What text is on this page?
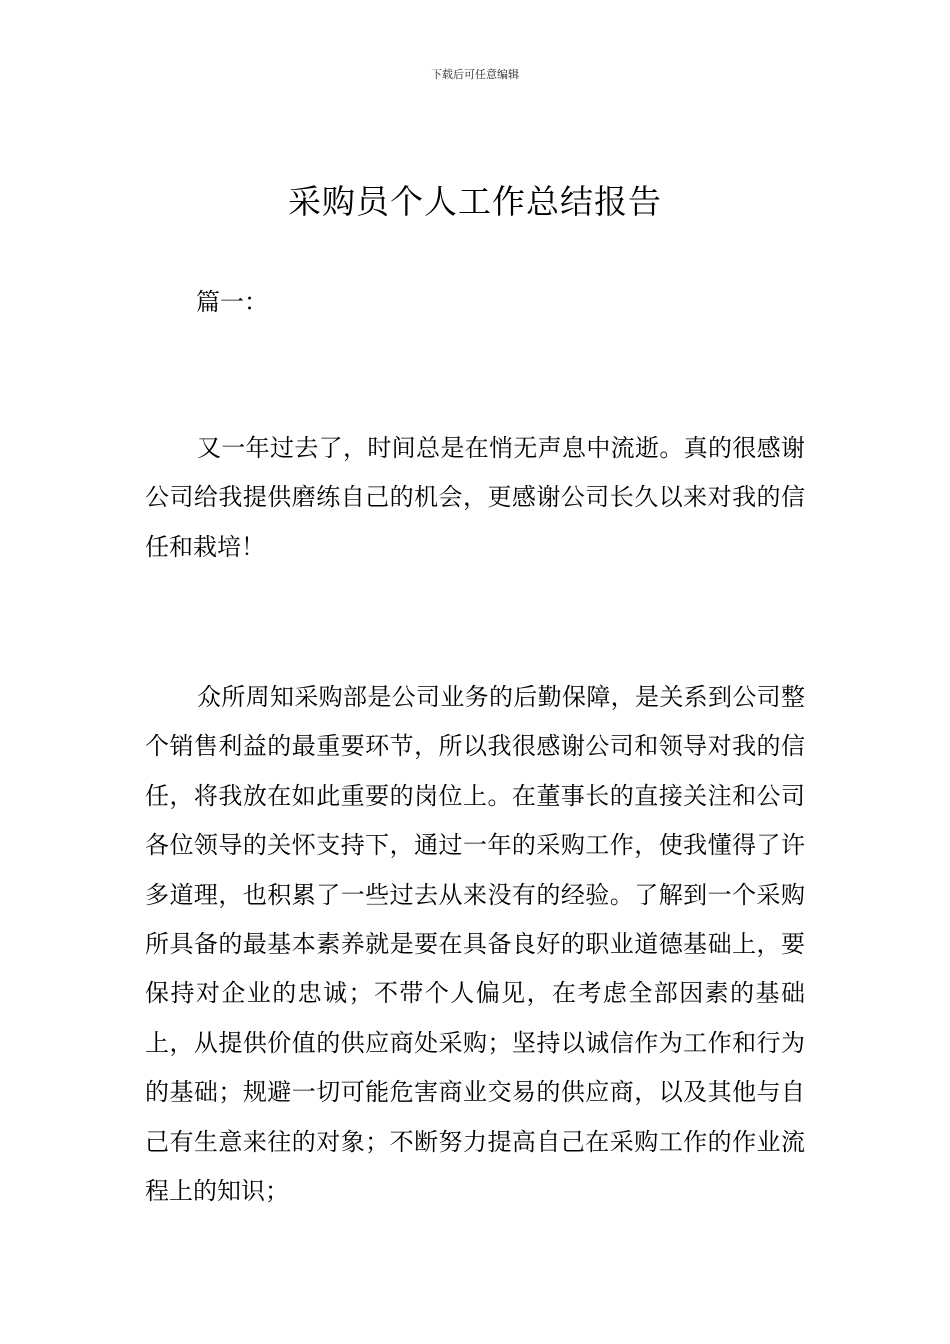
下载后可任意编辑
采购员个人工作总结报告
篇一：

又一年过去了，时间总是在悄无声息中流逝。真的很感谢公司给我提供磨练自己的机会，更感谢公司长久以来对我的信任和栽培！

众所周知采购部是公司业务的后勤保障，是关系到公司整个销售利益的最重要环节，所以我很感谢公司和领导对我的信任，将我放在如此重要的岗位上。在董事长的直接关注和公司各位领导的关怀支持下，通过一年的采购工作，使我懂得了许多道理，也积累了一些过去从来没有的经验。了解到一个采购所具备的最基本素养就是要在具备良好的职业道德基础上，要保持对企业的忠诚；不带个人偏见，在考虑全部因素的基础上，从提供价值的供应商处采购；坚持以诚信作为工作和行为的基础；规避一切可能危害商业交易的供应商，以及其他与自己有生意来往的对象；不断努力提高自己在采购工作的作业流程上的知识；
